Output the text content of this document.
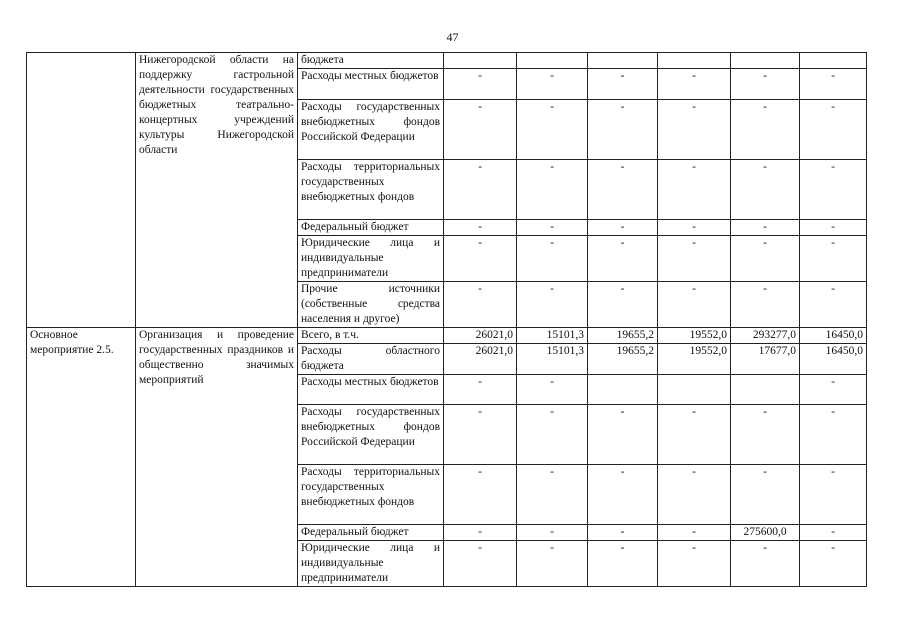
47
	Нижегородской области на поддержку гастрольной деятельности государственных бюджетных театрально-концертных учреждений культуры Нижегородской области	бюджета						
		Расходы местных бюджетов	-	-	-	-	-	-
		Расходы государственных внебюджетных фондов Российской Федерации	-	-	-	-	-	-
		Расходы территориальных государственных внебюджетных фондов	-	-	-	-	-	-
		Федеральный бюджет	-	-	-	-	-	-
		Юридические лица и индивидуальные предприниматели	-	-	-	-	-	-
		Прочие источники (собственные средства населения и другое)	-	-	-	-	-	-
Основное мероприятие 2.5.	Организация и проведение государственных праздников и общественно значимых мероприятий	Всего, в т.ч.	26021,0	15101,3	19655,2	19552,0	293277,0	16450,0
		Расходы областного бюджета	26021,0	15101,3	19655,2	19552,0	17677,0	16450,0
		Расходы местных бюджетов	-	-				-
		Расходы государственных внебюджетных фондов Российской Федерации	-	-	-	-	-	-
		Расходы территориальных государственных внебюджетных фондов	-	-	-	-	-	-
		Федеральный бюджет	-	-	-	-	275600,0	-
		Юридические лица и индивидуальные предприниматели	-	-	-	-	-	-
